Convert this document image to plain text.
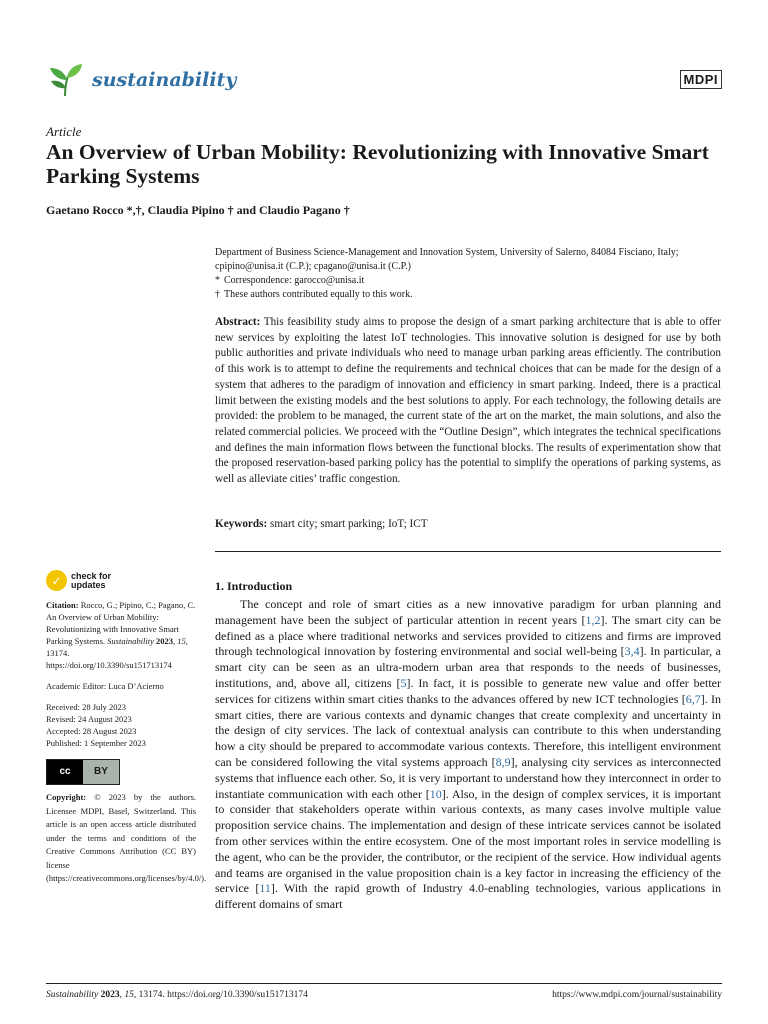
sustainability	MDPI
Article
An Overview of Urban Mobility: Revolutionizing with Innovative Smart Parking Systems
Gaetano Rocco *,†, Claudia Pipino † and Claudio Pagano †
Department of Business Science-Management and Innovation System, University of Salerno, 84084 Fisciano, Italy; cpipino@unisa.it (C.P.); cpagano@unisa.it (C.P.)
* Correspondence: garocco@unisa.it
† These authors contributed equally to this work.
Abstract: This feasibility study aims to propose the design of a smart parking architecture that is able to offer new services by exploiting the latest IoT technologies. This innovative solution is designed for use by both public authorities and private individuals who need to manage urban parking areas efficiently. The contribution of this work is to attempt to define the requirements and technical choices that can be made for the design of a system that adheres to the paradigm of innovation and efficiency in smart parking. Indeed, there is a practical limit between the existing models and the best solutions to apply. For each technology, the following details are provided: the problem to be managed, the current state of the art on the market, the main solutions, and also the related commercial policies. We proceed with the “Outline Design”, which integrates the technical specifications and defines the main information flows between the functional blocks. The results of experimentation show that the proposed reservation-based parking policy has the potential to simplify the operations of parking systems, as well as alleviate cities’ traffic congestion.
Keywords: smart city; smart parking; IoT; ICT
✓	check for
updates

Citation: Rocco, G.; Pipino, C.; Pagano, C. An Overview of Urban Mobility: Revolutionizing with Innovative Smart Parking Systems. Sustainability 2023, 15, 13174. https://doi.org/10.3390/su151713174

Academic Editor: Luca D’Acierno

Received: 28 July 2023

Revised: 24 August 2023

Accepted: 28 August 2023

Published: 1 September 2023

cc	BY

Copyright: © 2023 by the authors. Licensee MDPI, Basel, Switzerland. This article is an open access article distributed under the terms and conditions of the Creative Commons Attribution (CC BY) license (https://creativecommons.org/licenses/by/4.0/).

1. Introduction

The concept and role of smart cities as a new innovative paradigm for urban planning and management have been the subject of particular attention in recent years [1,2]. The smart city can be defined as a place where traditional networks and services provided to citizens and firms are improved through technological innovation by fostering environmental and social well-being [3,4]. In particular, a smart city can be seen as an ultra-modern urban area that responds to the needs of businesses, institutions, and, above all, citizens [5]. In fact, it is possible to generate new value and offer better services for citizens within smart cities thanks to the advances offered by new ICT technologies [6,7]. In smart cities, there are various contexts and dynamic changes that create complexity and uncertainty in the design of city services. The lack of contextual analysis can contribute to this when understanding how a city should be prepared to accommodate various contexts. Therefore, this intelligent environment can be considered following the vital systems approach [8,9], analysing city services as interconnected systems that influence each other. So, it is very important to understand how they interconnect in order to instantiate communication with each other [10]. Also, in the design of complex services, it is important to consider that stakeholders operate within various contexts, as many cases involve multiple value proposition service chains. The implementation and design of these intricate services cannot be isolated from other services within the entire ecosystem. One of the most important roles in service modelling is the agent, who can be the provider, the contributor, or the recipient of the service. How individual agents and teams are organised in the value proposition chain is a key factor in increasing the efficiency of the service [11]. With the rapid growth of Industry 4.0-enabling technologies, various applications in different domains of smart

Sustainability 2023, 15, 13174. https://doi.org/10.3390/su151713174	https://www.mdpi.com/journal/sustainability
